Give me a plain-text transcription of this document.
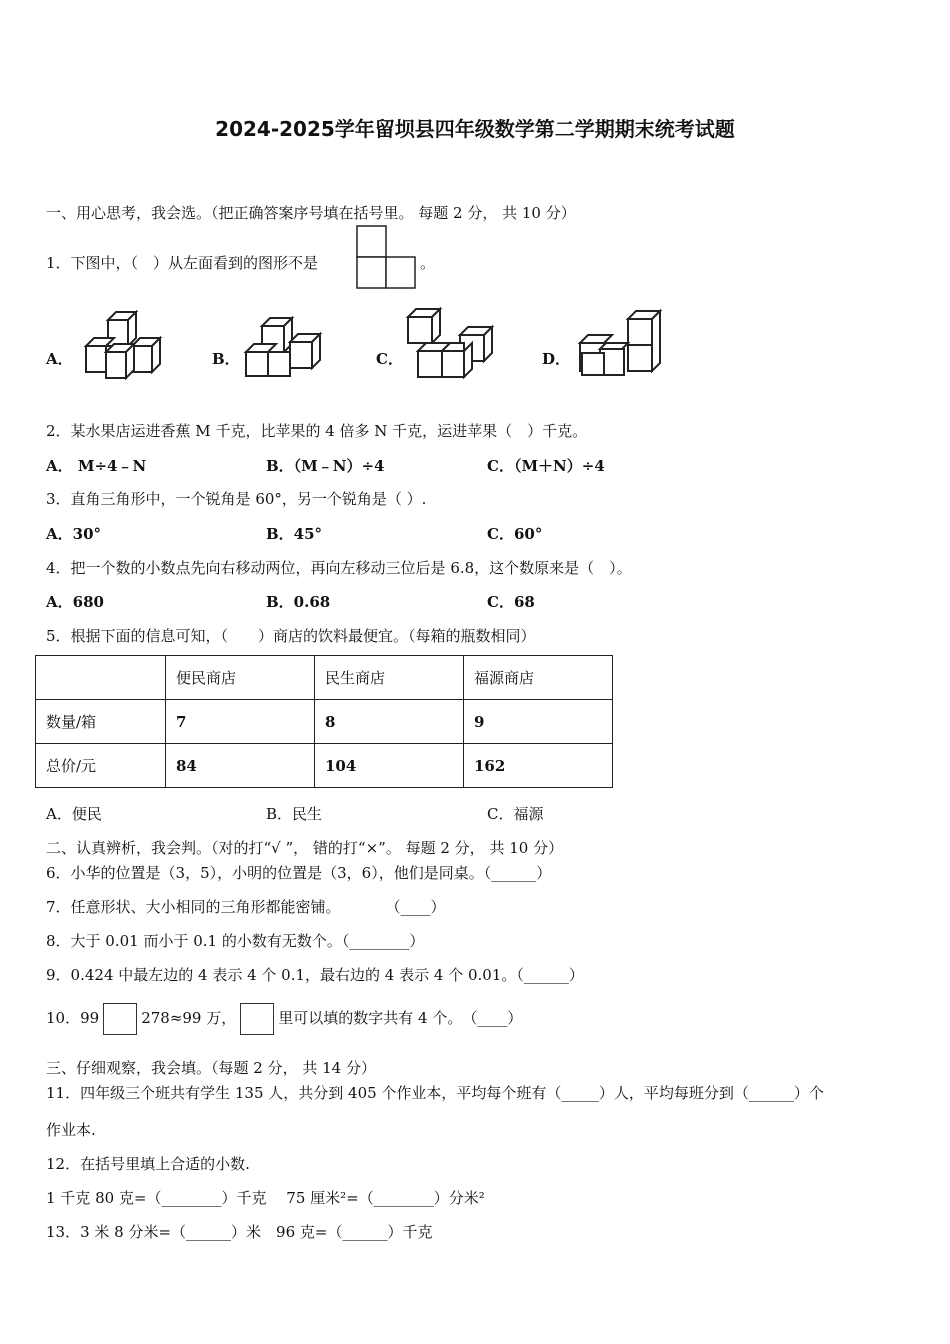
2024-2025学年留坝县四年级数学第二学期期末统考试题
一、用心思考，我会选。（把正确答案序号填在括号里。 每题 2 分， 共 10 分）
1．下图中，（　）从左面看到的图形不是	。
A．	B．	C．	D．
2．某水果店运进香蕉 M 千克，比苹果的 4 倍多 N 千克，运进苹果（　）千克。
A． M÷4﹣N	B．（M﹣N）÷4	C．（M＋N）÷4
3．直角三角形中，一个锐角是 60°，另一个锐角是（ ）.
A．30°	B．45°	C．60°
4．把一个数的小数点先向右移动两位，再向左移动三位后是 6.8，这个数原来是（　）。
A．680	B．0.68	C．68
5．根据下面的信息可知，（　　）商店的饮料最便宜。（每箱的瓶数相同）
	便民商店	民生商店	福源商店
数量/箱	7	8	9
总价/元	84	104	162
A．便民	B．民生	C．福源
二、认真辨析，我会判。（对的打“√ ”， 错的打“×”。 每题 2 分， 共 10 分）
6．小华的位置是（3，5），小明的位置是（3，6），他们是同桌。（______）
7．任意形状、大小相同的三角形都能密铺。　　　　（____）
8．大于 0.01 而小于 0.1 的小数有无数个。（________）
9．0.424 中最左边的 4 表示 4 个 0.1，最右边的 4 表示 4 个 0.01。（______）
10．99	278≈99 万，	里可以填的数字共有 4 个。　（____）
三、仔细观察，我会填。（每题 2 分， 共 14 分）
11．四年级三个班共有学生 135 人，共分到 405 个作业本，平均每个班有（_____）人，平均每班分到（______）个
作业本.
12．在括号里填上合适的小数.
1 千克 80 克=（________）千克　 75 厘米²=（________）分米²
13．3 米 8 分米=（______）米　96 克=（______）千克
